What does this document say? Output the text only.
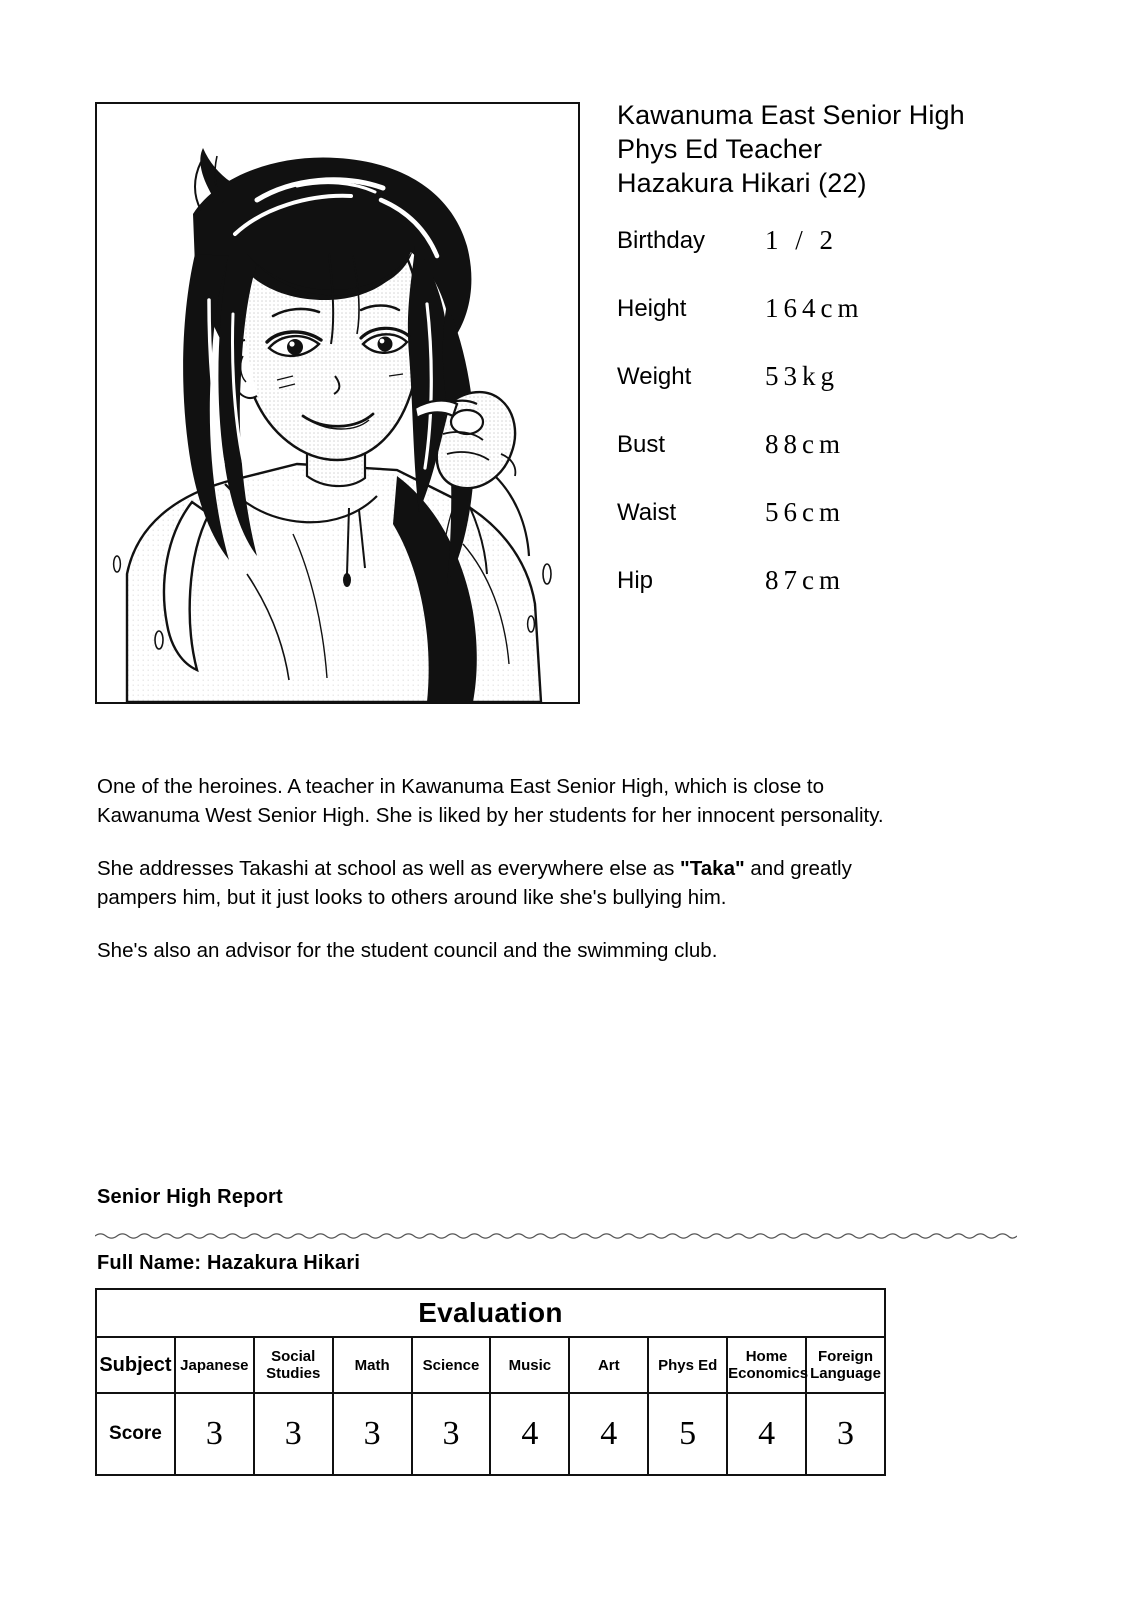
Kawanuma East Senior High
Phys Ed Teacher
Hazakura Hikari (22)
Birthday 1 / 2
Height	164cm
Weight	53kg
Bust	88cm
Waist	56cm
Hip	87cm

One of the heroines. A teacher in Kawanuma East Senior High, which is close to Kawanuma West Senior High. She is liked by her students for her innocent personality.

She addresses Takashi at school as well as everywhere else as "Taka" and greatly pampers him, but it just looks to others around like she's bullying him.

She's also an advisor for the student council and the swimming club.

Senior High Report
Full Name: Hazakura Hikari
Evaluation									
Subject	Japanese	Social Studies	Math	Science	Music	Art	Phys Ed	Home Economics	Foreign Language
Score	3	3	3	3	4	4	5	4	3
